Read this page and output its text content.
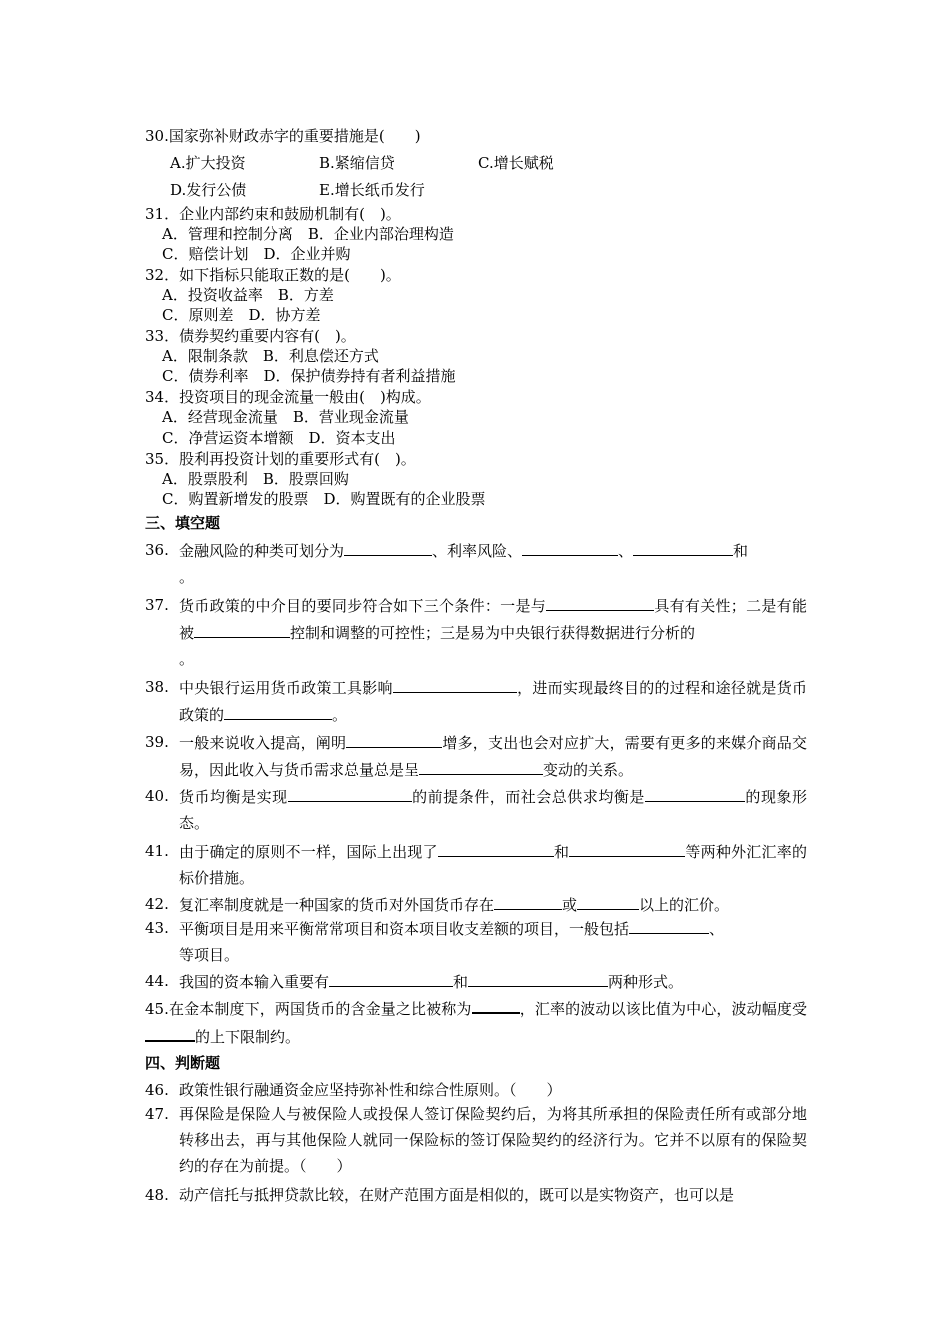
30.国家弥补财政赤字的重要措施是(　　)
A.扩大投资	B.紧缩信贷	C.增长赋税
D.发行公债	E.增长纸币发行
31．企业内部约束和鼓励机制有(　)。
A．管理和控制分离　B．企业内部治理构造
C．赔偿计划　D．企业并购
32．如下指标只能取正数的是(　　)。
A．投资收益率　B．方差
C．原则差　D．协方差
33．债券契约重要内容有(　)。
A．限制条款　B．利息偿还方式
C．债券利率　D．保护债券持有者利益措施
34．投资项目的现金流量一般由(　)构成。
A．经营现金流量　B．营业现金流量
C．净营运资本增额　D．资本支出
35．股利再投资计划的重要形式有(　)。
A．股票股利　B．股票回购
C．购置新增发的股票　D．购置既有的企业股票
三、填空题
36. 金融风险的种类可划分为	、利率风险、	、	和
。
37. 货币政策的中介目的要同步符合如下三个条件：一是与	具有有关性；二是有能被	控制和调整的可控性；三是易为中央银行获得数据进行分析的
。
38. 中央银行运用货币政策工具影响	，进而实现最终目的的过程和途径就是货币政策的	。
39. 一般来说收入提高，阐明	增多，支出也会对应扩大，需要有更多的来媒介商品交易，因此收入与货币需求总量总是呈	变动的关系。
40. 货币均衡是实现	的前提条件，而社会总供求均衡是	的现象形态。
41. 由于确定的原则不一样，国际上出现了	和	等两种外汇汇率的标价措施。
42. 复汇率制度就是一种国家的货币对外国货币存在	或	以上的汇价。
43. 平衡项目是用来平衡常常项目和资本项目收支差额的项目，一般包括	、
等项目。
44. 我国的资本输入重要有	和	两种形式。
45.在金本制度下，两国货币的含金量之比被称为	，汇率的波动以该比值为中心，波动幅度受 的上下限制约。
四、判断题
46. 政策性银行融通资金应坚持弥补性和综合性原则。（　　）
47. 再保险是保险人与被保险人或投保人签订保险契约后，为将其所承担的保险责任所有或部分地转移出去，再与其他保险人就同一保险标的签订保险契约的经济行为。它并不以原有的保险契约的存在为前提。（　　）
48. 动产信托与抵押贷款比较，在财产范围方面是相似的，既可以是实物资产，也可以是
